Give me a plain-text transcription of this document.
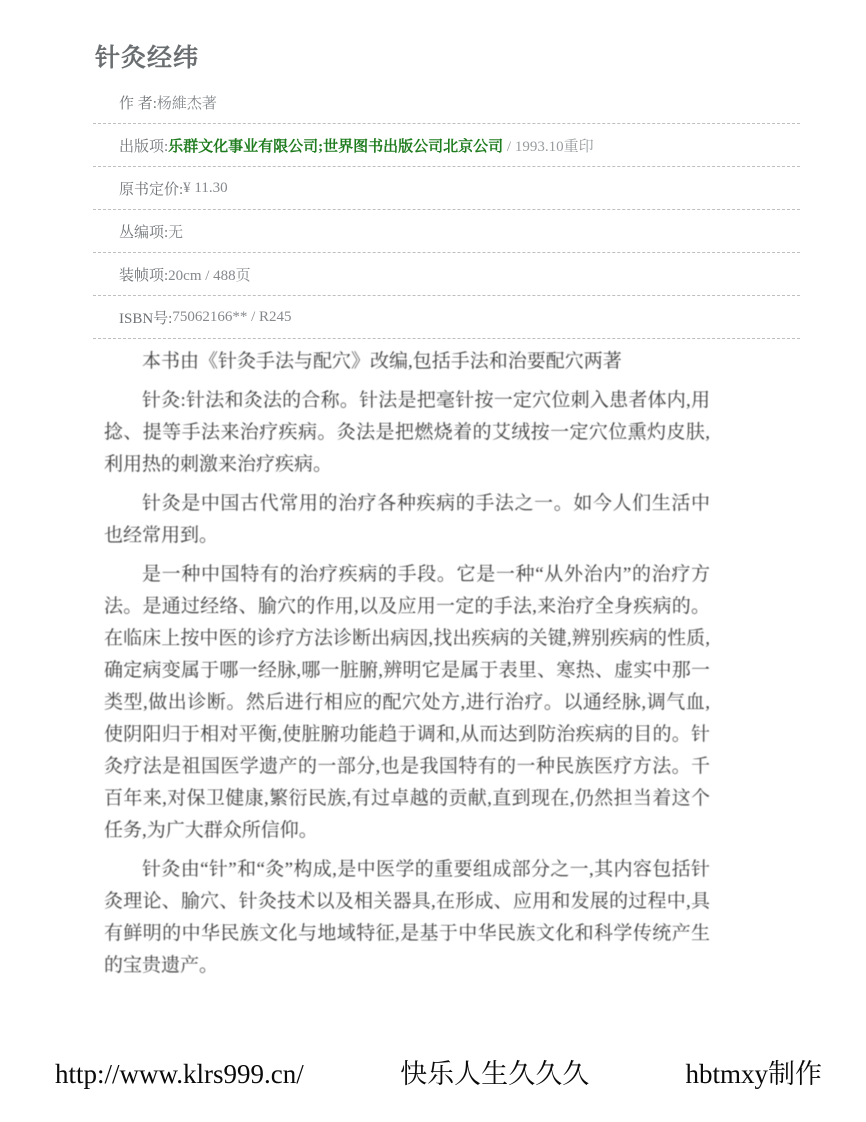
针灸经纬
作 者: 杨維杰著
出版项: 乐群文化事业有限公司;世界图书出版公司北京公司 / 1993.10重印
原书定价: ¥ 11.30
丛编项: 无
装帧项: 20cm / 488页
ISBN号: 75062166** / R245

本书由《针灸手法与配穴》改编,包括手法和治要配穴两著

针灸:针法和灸法的合称。针法是把毫针按一定穴位刺入患者体内,用捻、提等手法来治疗疾病。灸法是把燃烧着的艾绒按一定穴位熏灼皮肤,利用热的刺激来治疗疾病。

针灸是中国古代常用的治疗各种疾病的手法之一。如今人们生活中也经常用到。

是一种中国特有的治疗疾病的手段。它是一种“从外治内”的治疗方法。是通过经络、腧穴的作用,以及应用一定的手法,来治疗全身疾病的。在临床上按中医的诊疗方法诊断出病因,找出疾病的关键,辨别疾病的性质,确定病变属于哪一经脉,哪一脏腑,辨明它是属于表里、寒热、虚实中那一类型,做出诊断。然后进行相应的配穴处方,进行治疗。以通经脉,调气血,使阴阳归于相对平衡,使脏腑功能趋于调和,从而达到防治疾病的目的。针灸疗法是祖国医学遗产的一部分,也是我国特有的一种民族医疗方法。千百年来,对保卫健康,繁衍民族,有过卓越的贡献,直到现在,仍然担当着这个任务,为广大群众所信仰。

针灸由“针”和“灸”构成,是中医学的重要组成部分之一,其内容包括针灸理论、腧穴、针灸技术以及相关器具,在形成、应用和发展的过程中,具有鲜明的中华民族文化与地域特征,是基于中华民族文化和科学传统产生的宝贵遗产。

http://www.klrs999.cn/	快乐人生久久久	hbtmxy制作
